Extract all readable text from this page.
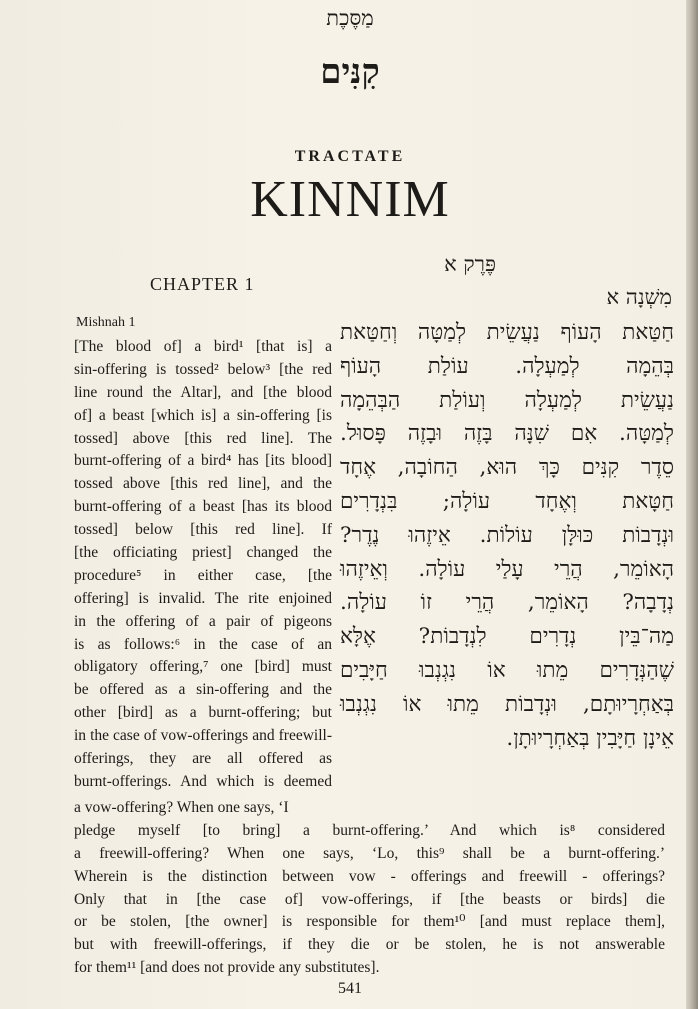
מַסֶּכֶת
קִנִּים
TRACTATE
KINNIM
פֶּרֶק א
CHAPTER 1
מִשְׁנָה א
Mishnah 1	חַטַּאת הָעוֹף נַעֲשֵׂית לְמַטָּה וְחַטַּאת
בְּהֵמָה לְמַעְלָה. עוֹלַת הָעוֹף
נַעֲשֵׂית לְמַעְלָה וְעוֹלַת הַבְּהֵמָה
לְמַטָּה. אִם שִׁנָּה בָּזֶה וּבָזֶה פָּסוּל.
סֵדֶר קִנִּים כָּךְ הוּא, הַחוֹבָה, אֶחָד
חַטָּאת וְאֶחָד עוֹלָה; בִּנְדָרִים
וּנְדָבוֹת כּוּלָּן עוֹלוֹת. אֵיזֶהוּ נֶדֶר?
הָאוֹמֵר, הֲרֵי עָלַי עוֹלָה. וְאֵיזֶהוּ
נְדָבָה? הָאוֹמֵר, הֲרֵי זוֹ עוֹלָה.
מַה־בֵּין נְדָרִים לִנְדָבוֹת? אֶלָּא
שֶׁהַנְּדָרִים מֵתוּ אוֹ נִגְנְבוּ חַיָּבִים
בְּאַחְרָיוּתָם, וּנְדָבוֹת מֵתוּ אוֹ נִגְנְבוּ
אֵינָן חַיָּבִין בְּאַחְרָיוּתָן.
[The blood of] a bird¹ [that is] a
sin-offering is tossed² below³ [the red
line round the Altar], and [the blood
of] a beast [which is] a sin-offering [is
tossed] above [this red line]. The
burnt-offering of a bird⁴ has [its blood]
tossed above [this red line], and the
burnt-offering of a beast [has its blood
tossed] below [this red line]. If
[the officiating priest] changed the
procedure⁵ in either case, [the
offering] is invalid. The rite enjoined
in the offering of a pair of pigeons
is as follows:⁶ in the case of an
obligatory offering,⁷ one [bird] must
be offered as a sin-offering and the
other [bird] as a burnt-offering; but
in the case of vow-offerings and freewill-
offerings, they are all offered as
burnt-offerings. And which is deemed
a vow-offering? When one says, ‘I
pledge myself [to bring] a burnt-offering.’ And which is⁸ considered
a freewill-offering? When one says, ‘Lo, this⁹ shall be a burnt-offering.’
Wherein is the distinction between vow - offerings and freewill - offerings?
Only that in [the case of] vow-offerings, if [the beasts or birds] die
or be stolen, [the owner] is responsible for them¹⁰ [and must replace them],
but with freewill-offerings, if they die or be stolen, he is not answerable
for them¹¹ [and does not provide any substitutes].
541
